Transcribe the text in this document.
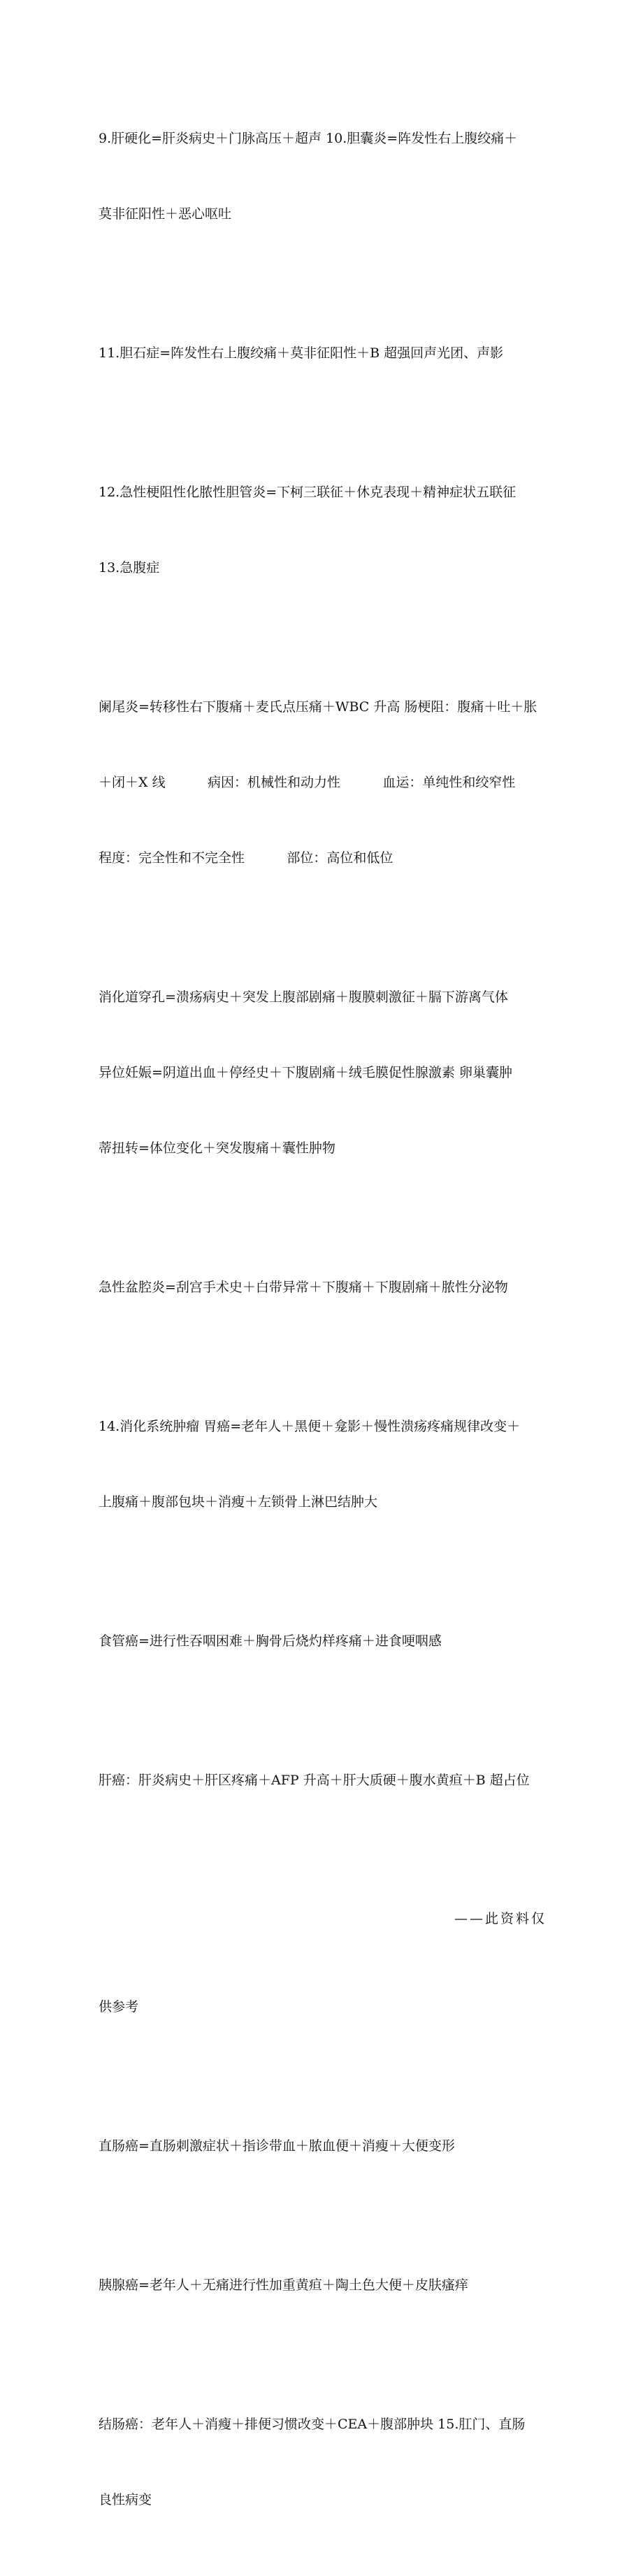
9.肝硬化=肝炎病史＋门脉高压＋超声 10.胆囊炎=阵发性右上腹绞痛＋

莫非征阳性＋恶心呕吐

11.胆石症=阵发性右上腹绞痛＋莫非征阳性＋B 超强回声光团、声影

12.急性梗阻性化脓性胆管炎=下柯三联征＋休克表现＋精神症状五联征

13.急腹症

阑尾炎=转移性右下腹痛＋麦氏点压痛＋WBC 升高 肠梗阻：腹痛＋吐＋胀

＋闭＋X 线          病因：机械性和动力性          血运：单纯性和绞窄性

程度：完全性和不完全性          部位：高位和低位

消化道穿孔=溃疡病史＋突发上腹部剧痛＋腹膜刺激征＋膈下游离气体

异位妊娠=阴道出血＋停经史＋下腹剧痛＋绒毛膜促性腺激素 卵巢囊肿

蒂扭转=体位变化＋突发腹痛＋囊性肿物

急性盆腔炎=刮宫手术史＋白带异常＋下腹痛＋下腹剧痛＋脓性分泌物

14.消化系统肿瘤 胃癌=老年人＋黑便＋龛影＋慢性溃疡疼痛规律改变＋

上腹痛＋腹部包块＋消瘦＋左锁骨上淋巴结肿大

食管癌=进行性吞咽困难＋胸骨后烧灼样疼痛＋进食哽咽感

肝癌：肝炎病史＋肝区疼痛＋AFP 升高＋肝大质硬＋腹水黄疸＋B 超占位

——此资料仅

供参考

直肠癌=直肠刺激症状＋指诊带血＋脓血便＋消瘦＋大便变形

胰腺癌=老年人＋无痛进行性加重黄疸＋陶土色大便＋皮肤瘙痒

结肠癌：老年人＋消瘦＋排便习惯改变＋CEA＋腹部肿块 15.肛门、直肠

良性病变
